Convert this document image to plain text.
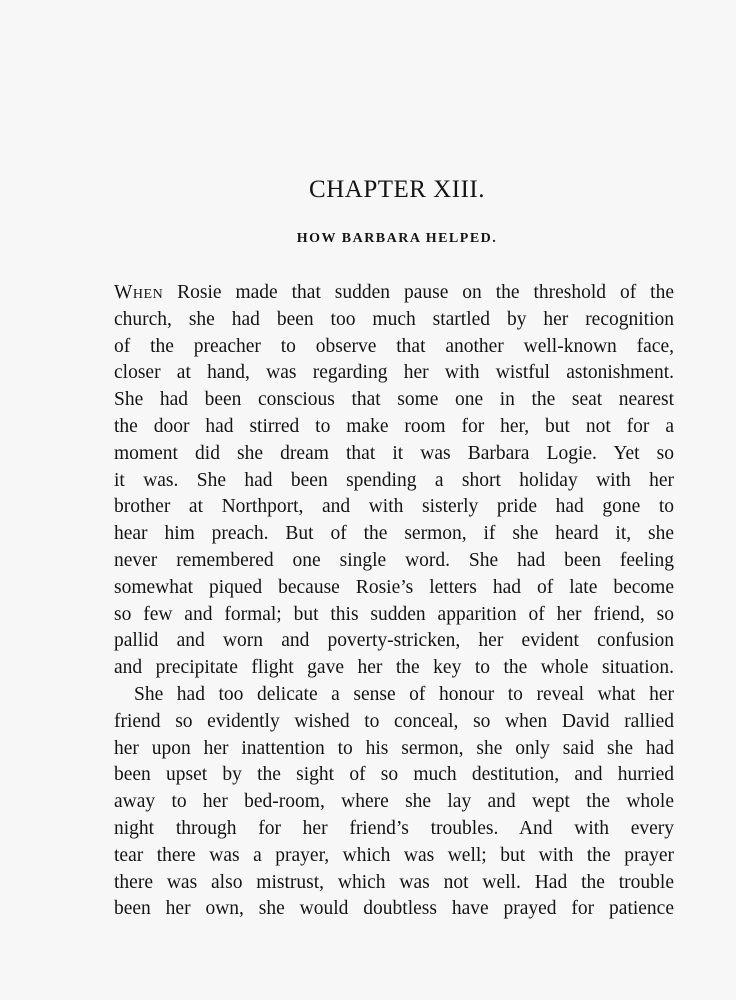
CHAPTER XIII.
HOW BARBARA HELPED.
When Rosie made that sudden pause on the threshold of the
church, she had been too much startled by her recognition
of the preacher to observe that another well-known face,
closer at hand, was regarding her with wistful astonishment.
She had been conscious that some one in the seat nearest
the door had stirred to make room for her, but not for a
moment did she dream that it was Barbara Logie. Yet so
it was. She had been spending a short holiday with her
brother at Northport, and with sisterly pride had gone to
hear him preach. But of the sermon, if she heard it, she
never remembered one single word. She had been feeling
somewhat piqued because Rosie’s letters had of late become
so few and formal; but this sudden apparition of her friend, so
pallid and worn and poverty-stricken, her evident confusion
and precipitate flight gave her the key to the whole situation.
She had too delicate a sense of honour to reveal what her
friend so evidently wished to conceal, so when David rallied
her upon her inattention to his sermon, she only said she had
been upset by the sight of so much destitution, and hurried
away to her bed-room, where she lay and wept the whole
night through for her friend’s troubles. And with every
tear there was a prayer, which was well; but with the prayer
there was also mistrust, which was not well. Had the trouble
been her own, she would doubtless have prayed for patience
